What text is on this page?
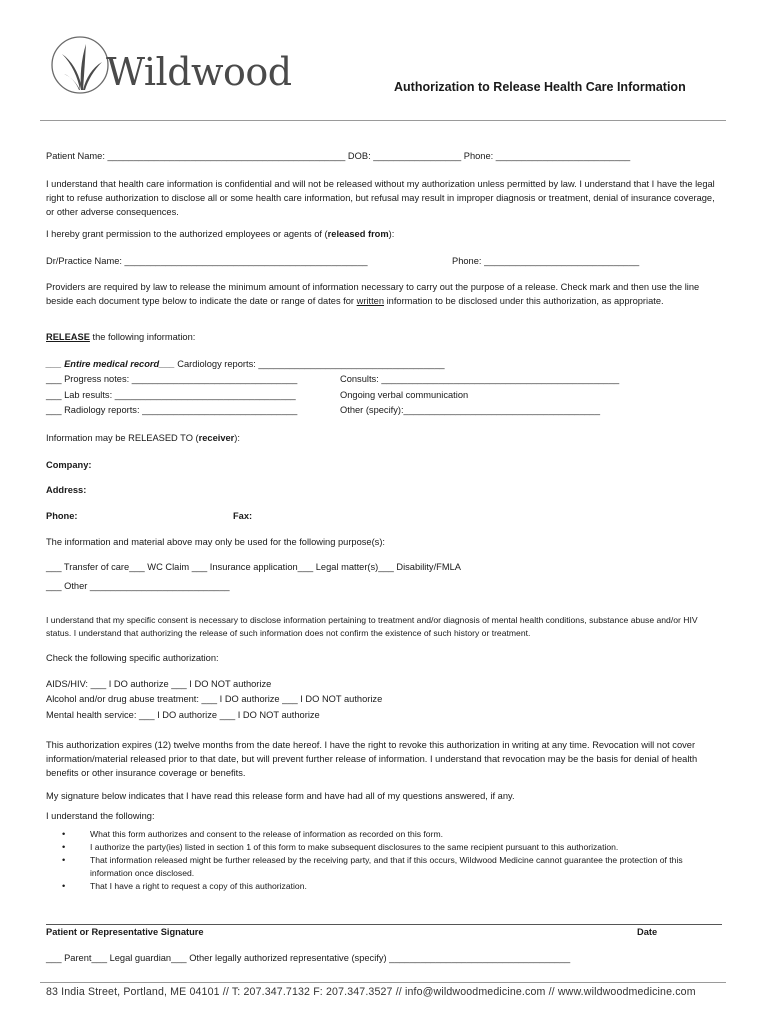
Wildwood	Authorization to Release Health Care Information
Patient Name: ______________________________________________ DOB: _________________ Phone: __________________________
I understand that health care information is confidential and will not be released without my authorization unless permitted by law. I understand that I have the legal right to refuse authorization to disclose all or some health care information, but refusal may result in improper diagnosis or treatment, denial of insurance coverage, or other adverse consequences.
I hereby grant permission to the authorized employees or agents of (released from):
Dr/Practice Name: _______________________________________________	Phone: ______________________________
Providers are required by law to release the minimum amount of information necessary to carry out the purpose of a release. Check mark and then use the line beside each document type below to indicate the date or range of dates for written information to be disclosed under this authorization, as appropriate.
RELEASE the following information:
___ Entire medical record___ Cardiology reports: ____________________________________
___ Progress notes: ________________________________	Consults: ______________________________________________
___ Lab results: ___________________________________	Ongoing verbal communication
___ Radiology reports: ______________________________	Other (specify):______________________________________
Information may be RELEASED TO (receiver):
Company:
Address:
Phone:	Fax:
The information and material above may only be used for the following purpose(s):
___ Transfer of care___ WC Claim ___ Insurance application___ Legal matter(s)___ Disability/FMLA
___ Other ___________________________
I understand that my specific consent is necessary to disclose information pertaining to treatment and/or diagnosis of mental health conditions, substance abuse and/or HIV status. I understand that authorizing the release of such information does not confirm the existence of such history or treatment.
Check the following specific authorization:
AIDS/HIV: ___ I DO authorize ___ I DO NOT authorize
Alcohol and/or drug abuse treatment: ___ I DO authorize ___ I DO NOT authorize
Mental health service: ___ I DO authorize ___ I DO NOT authorize
This authorization expires (12) twelve months from the date hereof. I have the right to revoke this authorization in writing at any time. Revocation will not cover information/material released prior to that date, but will prevent further release of information. I understand that revocation may be the basis for denial of health benefits or other insurance coverage or benefits.
My signature below indicates that I have read this release form and have had all of my questions answered, if any.
I understand the following:
•	What this form authorizes and consent to the release of information as recorded on this form.
•	I authorize the party(ies) listed in section 1 of this form to make subsequent disclosures to the same recipient pursuant to this authorization.
•	That information released might be further released by the receiving party, and that if this occurs, Wildwood Medicine cannot guarantee the protection of this information once disclosed.
•	That I have a right to request a copy of this authorization.
Patient or Representative Signature	Date
___ Parent___ Legal guardian___ Other legally authorized representative (specify) ___________________________________
83 India Street, Portland, ME 04101 // T: 207.347.7132 F: 207.347.3527 // info@wildwoodmedicine.com // www.wildwoodmedicine.com
